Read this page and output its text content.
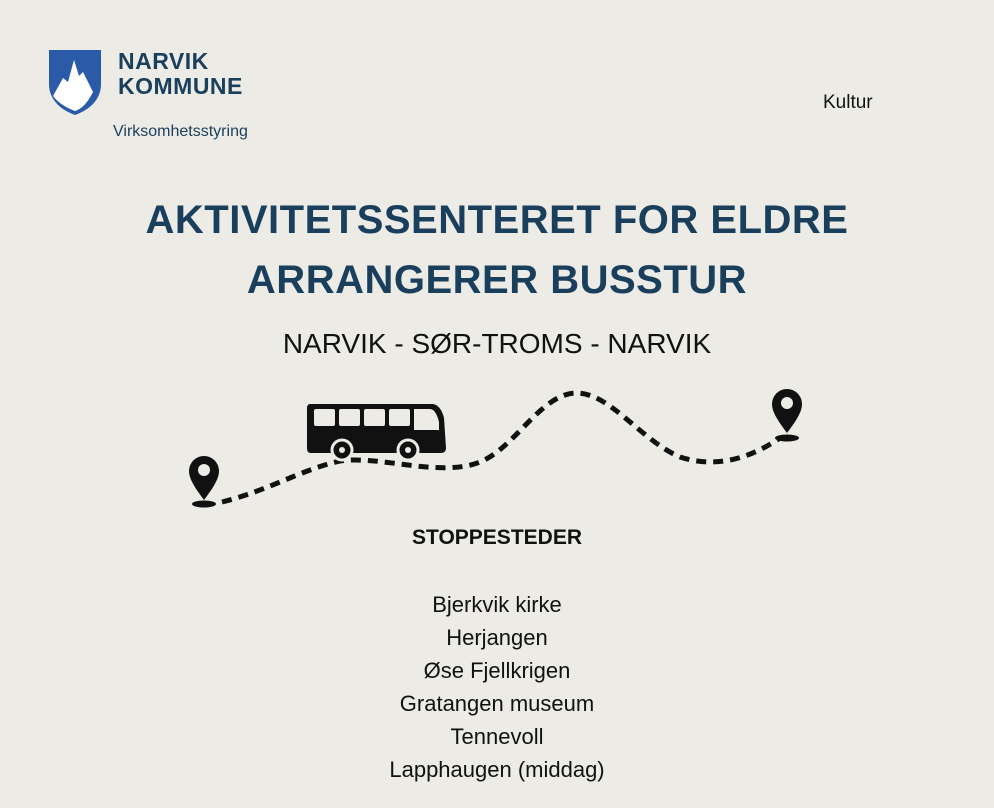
NARVIK
KOMMUNE
Virksomhetsstyring
Kultur
AKTIVITETSSENTERET FOR ELDRE
ARRANGERER BUSSTUR
NARVIK - SØR-TROMS - NARVIK
STOPPESTEDER
Bjerkvik kirke
Herjangen
Øse Fjellkrigen
Gratangen museum
Tennevoll
Lapphaugen (middag)
